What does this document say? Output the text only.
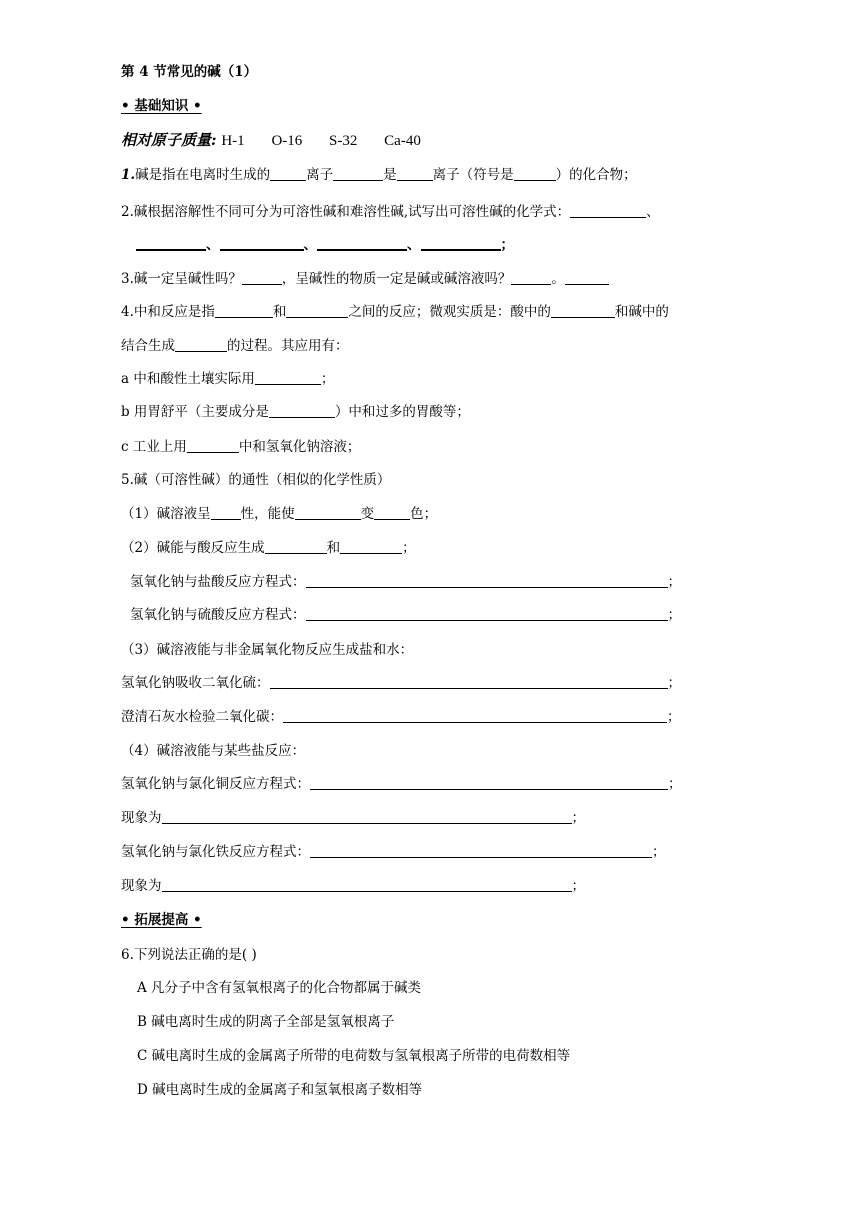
第 4 节常见的碱（1）
• 基础知识 •
相对原子质量: H-1 O-16 S-32 Ca-40
1.碱是指在电离时生成的	离子	是	离子（符号是	）的化合物；
2.碱根据溶解性不同可分为可溶性碱和难溶性碱,试写出可溶性碱的化学式：	、
、	、	、	；
3.碱一定呈碱性吗？	，呈碱性的物质一定是碱或碱溶液吗？	。
4.中和反应是指	和	之间的反应；微观实质是：酸中的	和碱中的
结合生成	的过程。其应用有：
a 中和酸性土壤实际用	；
b 用胃舒平（主要成分是	）中和过多的胃酸等；
c 工业上用	中和氢氧化钠溶液；
5.碱（可溶性碱）的通性（相似的化学性质）
（1）碱溶液呈 性，能使	变	色；
（2）碱能与酸反应生成	和	；
氢氧化钠与盐酸反应方程式：	；
氢氧化钠与硫酸反应方程式：	；
（3）碱溶液能与非金属氧化物反应生成盐和水：
氢氧化钠吸收二氧化硫：	；
澄清石灰水检验二氧化碳：	；
（4）碱溶液能与某些盐反应：
氢氧化钠与氯化铜反应方程式：	；
现象为	；
氢氧化钠与氯化铁反应方程式：	；
现象为	；
• 拓展提高 •
6.下列说法正确的是( )
A 凡分子中含有氢氧根离子的化合物都属于碱类
B 碱电离时生成的阴离子全部是氢氧根离子
C 碱电离时生成的金属离子所带的电荷数与氢氧根离子所带的电荷数相等
D 碱电离时生成的金属离子和氢氧根离子数相等
